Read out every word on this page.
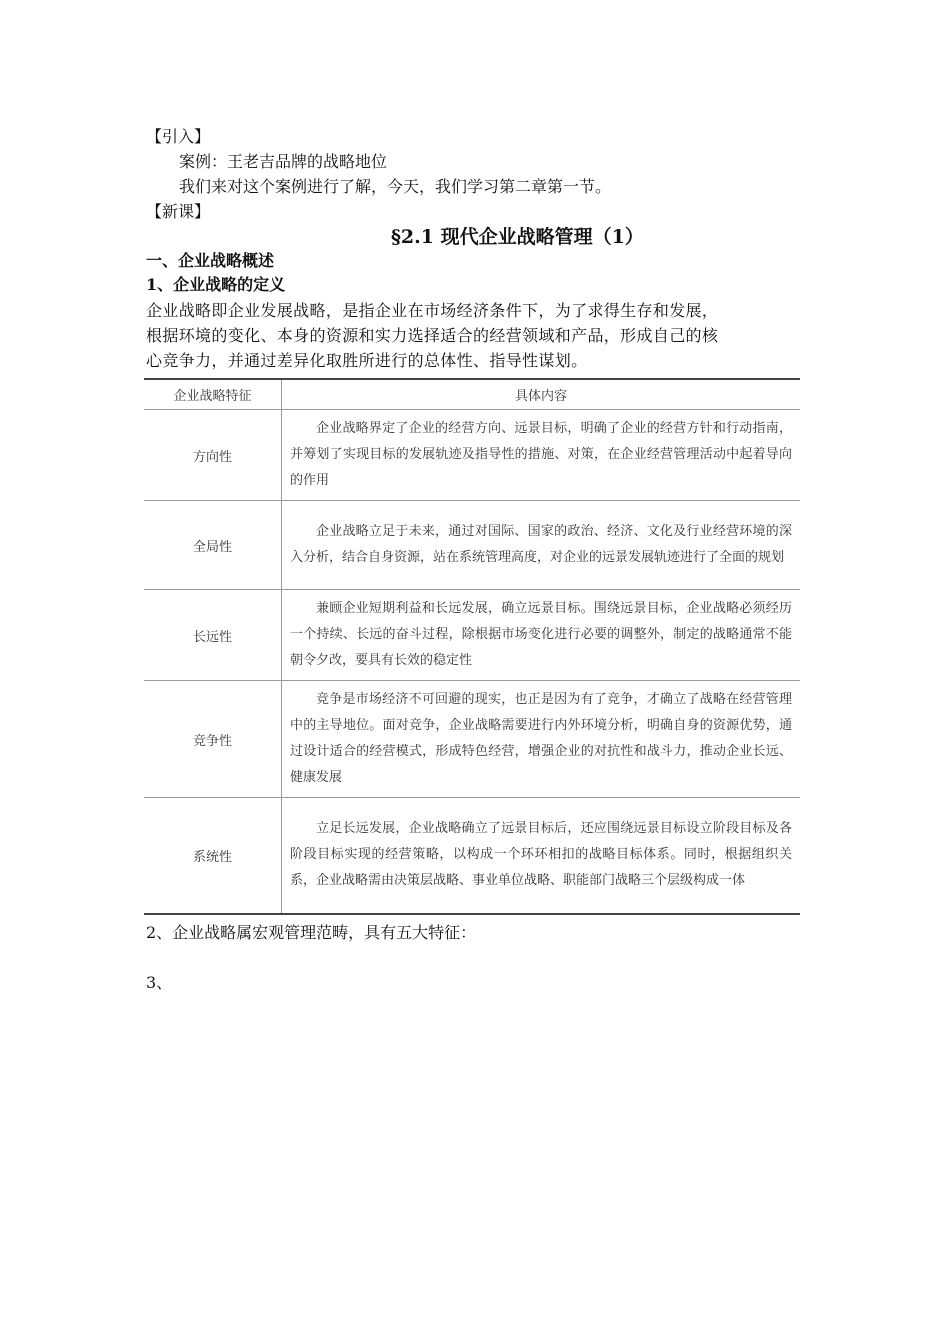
【引入】
案例：王老吉品牌的战略地位
我们来对这个案例进行了解，今天，我们学习第二章第一节。
【新课】
§2.1 现代企业战略管理（1）
一、企业战略概述
1、企业战略的定义
企业战略即企业发展战略，是指企业在市场经济条件下，为了求得生存和发展，
根据环境的变化、本身的资源和实力选择适合的经营领域和产品，形成自己的核
心竞争力，并通过差异化取胜所进行的总体性、指导性谋划。
企业战略特征	具体内容
方向性	企业战略界定了企业的经营方向、远景目标，明确了企业的经营方针和行动指南，并筹划了实现目标的发展轨迹及指导性的措施、对策，在企业经营管理活动中起着导向的作用

全局性	企业战略立足于未来，通过对国际、国家的政治、经济、文化及行业经营环境的深入分析，结合自身资源，站在系统管理高度，对企业的远景发展轨迹进行了全面的规划

长远性	兼顾企业短期利益和长远发展，确立远景目标。围绕远景目标，企业战略必须经历一个持续、长远的奋斗过程，除根据市场变化进行必要的调整外，制定的战略通常不能朝令夕改，要具有长效的稳定性

竞争性	竞争是市场经济不可回避的现实，也正是因为有了竞争，才确立了战略在经营管理中的主导地位。面对竞争，企业战略需要进行内外环境分析，明确自身的资源优势，通过设计适合的经营模式，形成特色经营，增强企业的对抗性和战斗力，推动企业长远、健康发展

系统性	立足长远发展，企业战略确立了远景目标后，还应围绕远景目标设立阶段目标及各阶段目标实现的经营策略，以构成一个环环相扣的战略目标体系。同时，根据组织关系，企业战略需由决策层战略、事业单位战略、职能部门战略三个层级构成一体
2、企业战略属宏观管理范畴，具有五大特征：
3、
